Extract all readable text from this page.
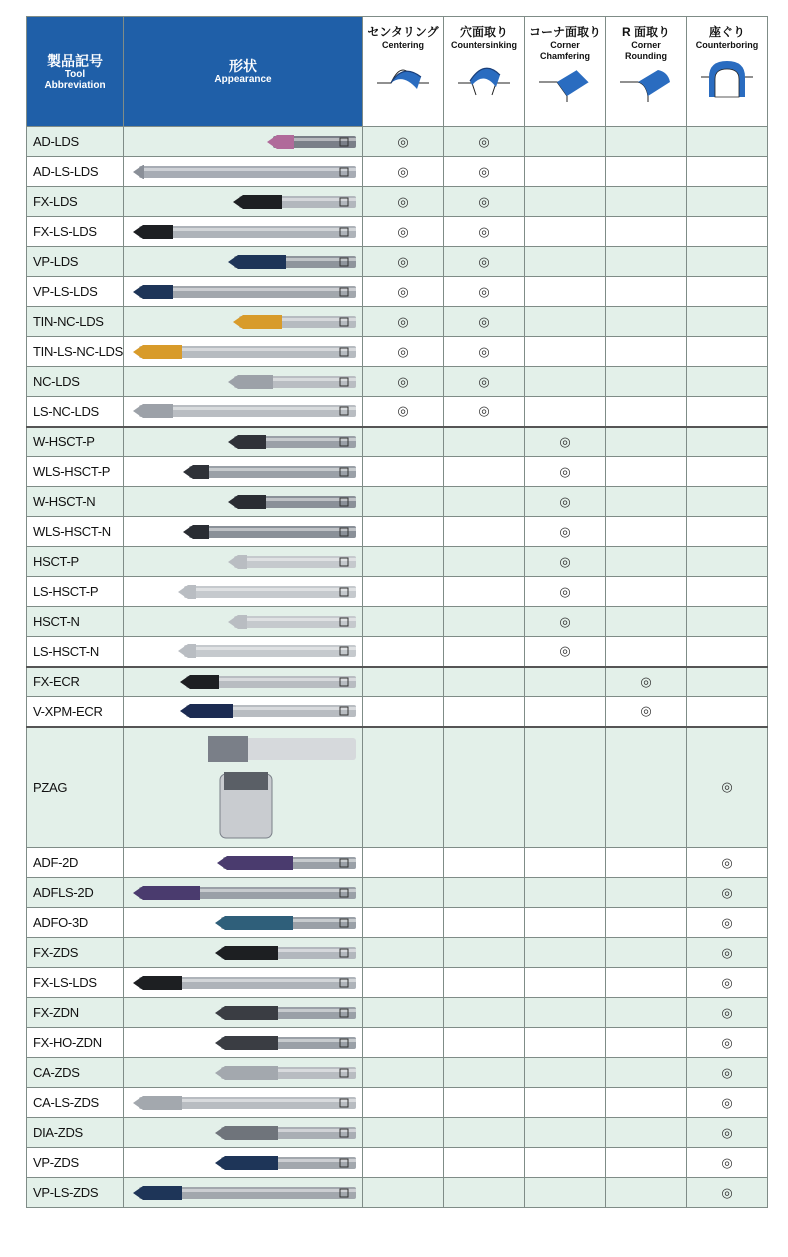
製品記号
Tool
Abbreviation	形状
Appearance	センタリング
Centering	穴面取り
Countersinking	コーナ面取り
Corner
Chamfering	R 面取り
Corner
Rounding	座ぐり
Counterboring

AD-LDS		◎	◎			
AD-LS-LDS		◎	◎			
FX-LDS		◎	◎			
FX-LS-LDS		◎	◎			
VP-LDS		◎	◎			
VP-LS-LDS		◎	◎			
TIN-NC-LDS		◎	◎			
TIN-LS-NC-LDS		◎	◎			
NC-LDS		◎	◎			
LS-NC-LDS		◎	◎			
W-HSCT-P				◎		
WLS-HSCT-P				◎		
W-HSCT-N				◎		
WLS-HSCT-N				◎		
HSCT-P				◎		
LS-HSCT-P				◎		
HSCT-N				◎		
LS-HSCT-N				◎		
FX-ECR					◎	
V-XPM-ECR					◎	
PZAG						◎
ADF-2D						◎
ADFLS-2D						◎
ADFO-3D						◎
FX-ZDS						◎
FX-LS-LDS						◎
FX-ZDN						◎
FX-HO-ZDN						◎
CA-ZDS						◎
CA-LS-ZDS						◎
DIA-ZDS						◎
VP-ZDS						◎
VP-LS-ZDS						◎
